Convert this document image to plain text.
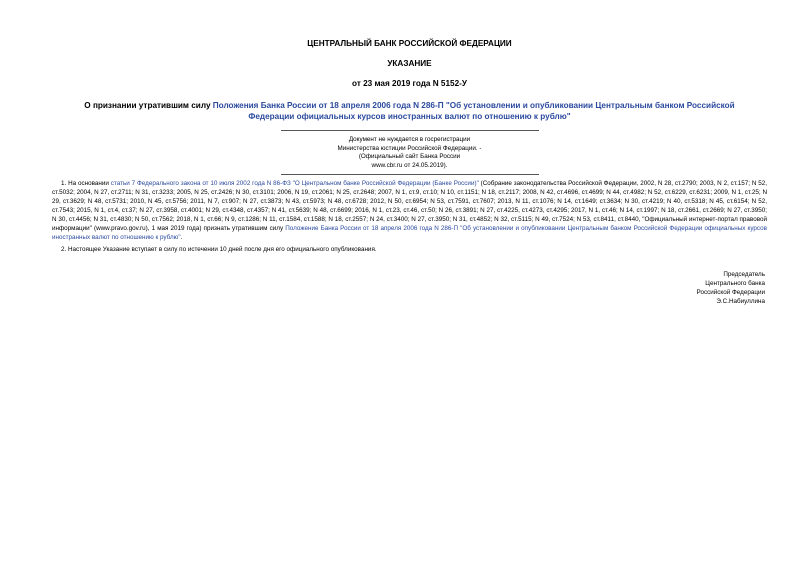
ЦЕНТРАЛЬНЫЙ БАНК РОССИЙСКОЙ ФЕДЕРАЦИИ
УКАЗАНИЕ
от 23 мая 2019 года N 5152-У
О признании утратившим силу Положения Банка России от 18 апреля 2006 года N 286-П "Об установлении и опубликовании Центральным банком Российской Федерации официальных курсов иностранных валют по отношению к рублю"
Документ не нуждается в госрегистрации
Министерства юстиции Российской Федерации. -
(Официальный сайт Банка России
www.cbr.ru от 24.05.2019).

1. На основании статьи 7 Федерального закона от 10 июля 2002 года N 86-ФЗ "О Центральном банке Российской Федерации (Банке России)" (Собрание законодательства Российской Федерации, 2002, N 28, ст.2790; 2003, N 2, ст.157; N 52, ст.5032; 2004, N 27, ст.2711; N 31, ст.3233; 2005, N 25, ст.2426; N 30, ст.3101; 2006, N 19, ст.2061; N 25, ст.2648; 2007, N 1, ст.9, ст.10; N 10, ст.1151; N 18, ст.2117; 2008, N 42, ст.4696, ст.4699; N 44, ст.4982; N 52, ст.6229, ст.6231; 2009, N 1, ст.25; N 29, ст.3629; N 48, ст.5731; 2010, N 45, ст.5756; 2011, N 7, ст.907; N 27, ст.3873; N 43, ст.5973; N 48, ст.6728; 2012, N 50, ст.6954; N 53, ст.7591, ст.7607; 2013, N 11, ст.1076; N 14, ст.1649; ст.3634; N 30, ст.4219; N 40, ст.5318; N 45, ст.6154; N 52, ст.7543; 2015, N 1, ст.4, ст.37; N 27, ст.3958, ст.4001; N 29, ст.4348, ст.4357; N 41, ст.5639; N 48, ст.6699; 2016, N 1, ст.23, ст.46, ст.50; N 26, ст.3891; N 27, ст.4225, ст.4273, ст.4295; 2017, N 1, ст.46; N 14, ст.1997; N 18, ст.2661, ст.2669; N 27, ст.3950; N 30, ст.4456; N 31, ст.4830; N 50, ст.7562; 2018, N 1, ст.66; N 9, ст.1286; N 11, ст.1584, ст.1588; N 18, ст.2557; N 24, ст.3400; N 27, ст.3950; N 31, ст.4852; N 32, ст.5115; N 49, ст.7524; N 53, ст.8411, ст.8440, "Официальный интернет-портал правовой информации" (www.pravo.gov.ru), 1 мая 2019 года) признать утратившим силу Положение Банка России от 18 апреля 2006 года N 286-П "Об установлении и опубликовании Центральным банком Российской Федерации официальных курсов иностранных валют по отношению к рублю".

2. Настоящее Указание вступает в силу по истечении 10 дней после дня его официального опубликования.

Председатель
Центрального банка
Российской Федерации
Э.С.Набиуллина
